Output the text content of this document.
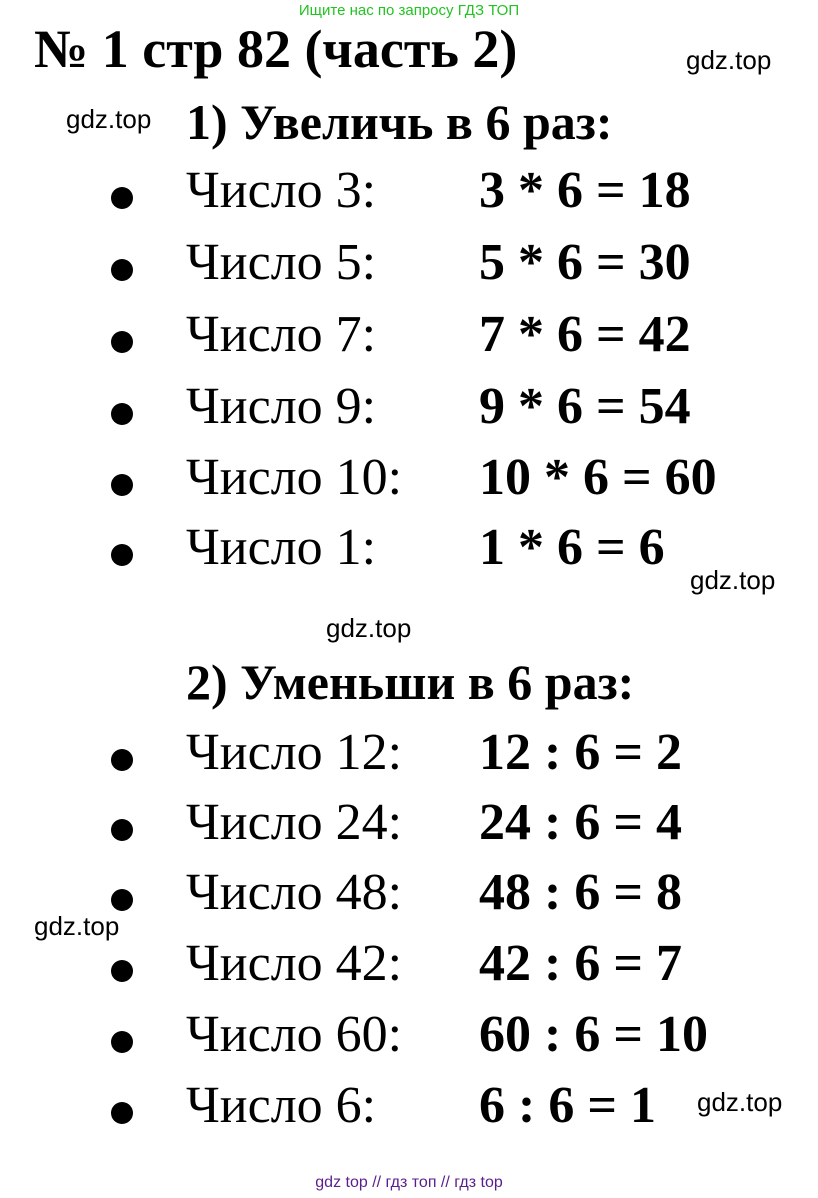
Ищите нас по запросу ГДЗ ТОП
№ 1 стр 82 (часть 2)	gdz.top
gdz.top 1) Увеличь в 6 раз:
Число 3: 3 * 6 = 18
Число 5: 5 * 6 = 30
Число 7: 7 * 6 = 42
Число 9: 9 * 6 = 54
Число 10: 10 * 6 = 60
Число 1: 1 * 6 = 6
gdz.top
gdz.top
2) Уменьши в 6 раз:
Число 12: 12 : 6 = 2
Число 24: 24 : 6 = 4
Число 48: 48 : 6 = 8
Число 42: 42 : 6 = 7
Число 60: 60 : 6 = 10
Число 6: 6 : 6 = 1
gdz.top
gdz.top
gdz top // гдз топ // гдз top
